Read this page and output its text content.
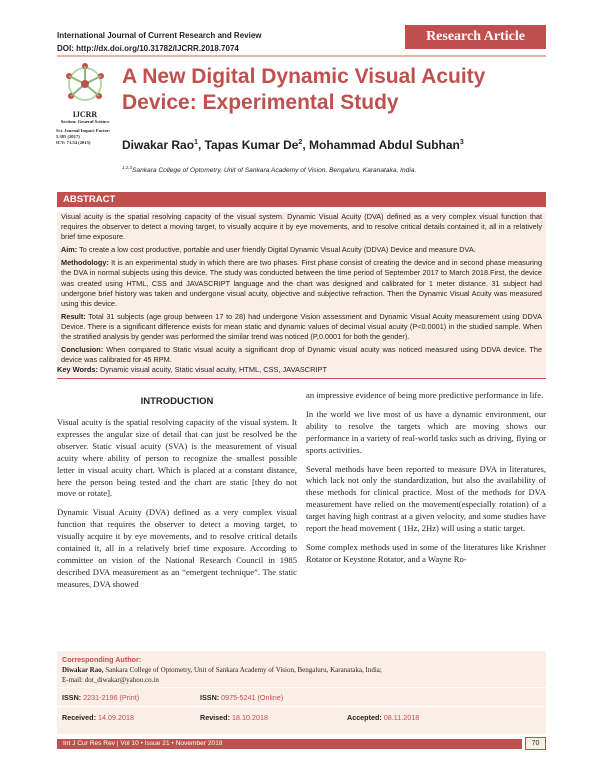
International Journal of Current Research and Review
DOI: http://dx.doi.org/10.31782/IJCRR.2018.7074
Research Article
IJCRR
Section: General Science
Sci. Journal Impact Factor: 5.385 (2017)
ICV: 71.54 (2015)
A New Digital Dynamic Visual Acuity Device: Experimental Study
Diwakar Rao$^1$, Tapas Kumar De$^2$, Mohammad Abdul Subhan$^3$
$^{1,2,3}$Sankara College of Optometry, Unit of Sankara Academy of Vision, Bengaluru, Karanataka, India.
ABSTRACT

Visual acuity is the spatial resolving capacity of the visual system. Dynamic Visual Acuity (DVA) defined as a very complex visual function that requires the observer to detect a moving target, to visually acquire it by eye movements, and to resolve critical details contained it, all in a relatively brief time exposure.

Aim: To create a low cost productive, portable and user friendly Digital Dynamic Visual Acuity (DDVA) Device and measure DVA.

Methodology: It is an experimental study in which there are two phases. First phase consist of creating the device and in second phase measuring the DVA in normal subjects using this device. The study was conducted between the time period of September 2017 to March 2018.First, the device was created using HTML, CSS and JAVASCRIPT language and the chart was designed and calibrated for 1 meter distance. 31 subject had undergone brief history was taken and undergone visual acuity, objective and subjective refraction. Then the Dynamic Visual Acuity was measured using this device.

Result: Total 31 subjects (age group between 17 to 28) had undergone Vision assessment and Dynamic Visual Acuity measurement using DDVA Device. There is a significant difference exists for mean static and dynamic values of decimal visual acuity (P<0.0001) in the studied sample. When the stratified analysis by gender was performed the similar trend was noticed (P,0.0001 for both the gender).

Conclusion: When compared to Static visual acuity a significant drop of Dynamic visual acuity was noticed measured using DDVA device. The device was calibrated for 45 RPM.

Key Words: Dynamic visual acuity, Static visual acuity, HTML, CSS, JAVASCRIPT
INTRODUCTION

Visual acuity is the spatial resolving capacity of the visual system. It expresses the angular size of detail that can just be resolved be the observer. Static visual acuity (SVA) is the measurement of visual acuity where ability of person to recognize the smallest possible letter in visual acuity chart. Which is placed at a constant distance, here the person being tested and the chart are static [they do not move or rotate].

Dynamic Visual Acuity (DVA) defined as a very complex visual function that requires the observer to detect a moving target, to visually acquire it by eye movements, and to resolve critical details contained it, all in a relatively brief time exposure. According to committee on vision of the National Research Council in 1985 described DVA measurement as an “emergent technique”. The static measures, DVA showed

an impressive evidence of being more predictive performance in life.

In the world we live most of us have a dynamic environment, our ability to resolve the targets which are moving shows our performance in a variety of real-world tasks such as driving, flying or sports activities.

Several methods have been reported to measure DVA in literatures, which lack not only the standardization, but also the availability of these methods for clinical practice. Most of the methods for DVA measurement have relied on the movement(especially rotation) of a target having high contrast at a given velocity, and some studies have report the head movement ( 1Hz, 2Hz) will using a static target.

Some complex methods used in some of the literatures like Krishner Rotator or Keystone Rotator, and a Wayne Ro-

Corresponding Author:
Diwakar Rao, Sankara College of Optometry, Unit of Sankara Academy of Vision, Bengaluru, Karanataka, India;
E-mail: dot_diwakar@yahoo.co.in
ISSN: 2231-2196 (Print)	ISSN: 0975-5241 (Online)
Received: 14.09.2018	Revised: 18.10.2018	Accepted: 08.11.2018
Int J Cur Res Rev | Vol 10 • Issue 21 • November 2018	70
